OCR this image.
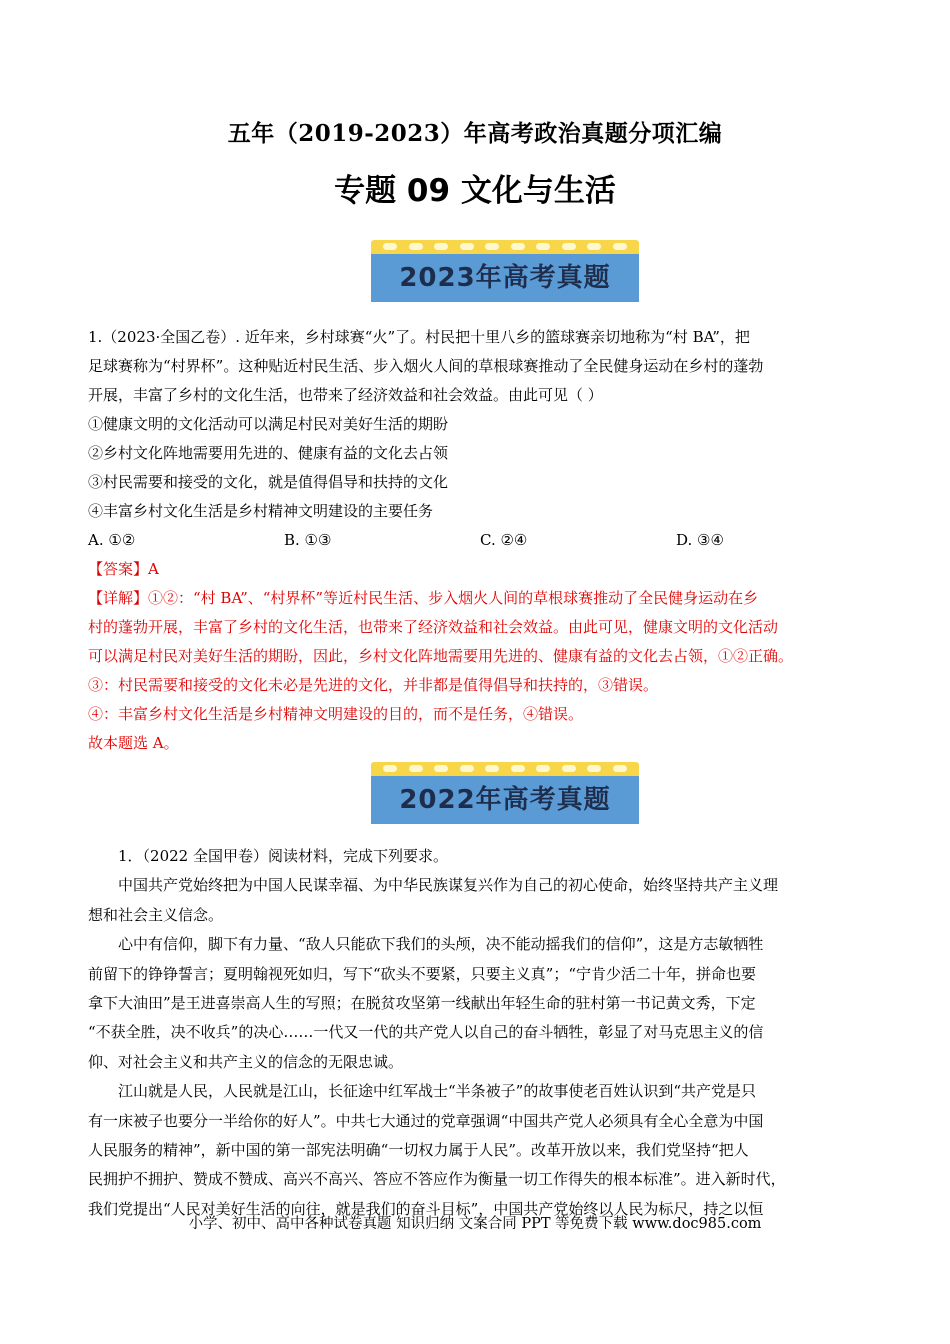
五年（2019-2023）年高考政治真题分项汇编
专题 09 文化与生活
2023年高考真题

1.（2023·全国乙卷）. 近年来，乡村球赛“火”了。村民把十里八乡的篮球赛亲切地称为“村 BA”，把

足球赛称为“村界杯”。这种贴近村民生活、步入烟火人间的草根球赛推动了全民健身运动在乡村的蓬勃

开展，丰富了乡村的文化生活，也带来了经济效益和社会效益。由此可见（ ）

①健康文明的文化活动可以满足村民对美好生活的期盼

②乡村文化阵地需要用先进的、健康有益的文化去占领

③村民需要和接受的文化，就是值得倡导和扶持的文化

④丰富乡村文化生活是乡村精神文明建设的主要任务

A. ①②	B. ①③	C. ②④	D. ③④

【答案】A

【详解】①②：“村 BA”、“村界杯”等近村民生活、步入烟火人间的草根球赛推动了全民健身运动在乡

村的蓬勃开展，丰富了乡村的文化生活，也带来了经济效益和社会效益。由此可见，健康文明的文化活动

可以满足村民对美好生活的期盼，因此，乡村文化阵地需要用先进的、健康有益的文化去占领，①②正确。

③：村民需要和接受的文化未必是先进的文化，并非都是值得倡导和扶持的，③错误。

④：丰富乡村文化生活是乡村精神文明建设的目的，而不是任务，④错误。

故本题选 A。

2022年高考真题

1．（2022 全国甲卷）阅读材料，完成下列要求。

中国共产党始终把为中国人民谋幸福、为中华民族谋复兴作为自己的初心使命，始终坚持共产主义理

想和社会主义信念。

心中有信仰，脚下有力量、“敌人只能砍下我们的头颅，决不能动摇我们的信仰”，这是方志敏牺牲

前留下的铮铮誓言；夏明翰视死如归，写下“砍头不要紧，只要主义真”；“宁肯少活二十年，拼命也要

拿下大油田”是王进喜崇高人生的写照；在脱贫攻坚第一线献出年轻生命的驻村第一书记黄文秀，下定

“不获全胜，决不收兵”的决心……一代又一代的共产党人以自己的奋斗牺牲，彰显了对马克思主义的信

仰、对社会主义和共产主义的信念的无限忠诚。

江山就是人民，人民就是江山，长征途中红军战士“半条被子”的故事使老百姓认识到“共产党是只

有一床被子也要分一半给你的好人”。中共七大通过的党章强调“中国共产党人必须具有全心全意为中国

人民服务的精神”，新中国的第一部宪法明确“一切权力属于人民”。改革开放以来，我们党坚持“把人

民拥护不拥护、赞成不赞成、高兴不高兴、答应不答应作为衡量一切工作得失的根本标准”。进入新时代，

我们党提出“人民对美好生活的向往，就是我们的奋斗目标”，中国共产党始终以人民为标尺，持之以恒

小学、初中、高中各种试卷真题 知识归纳 文案合同 PPT 等免费下载 www.doc985.com
